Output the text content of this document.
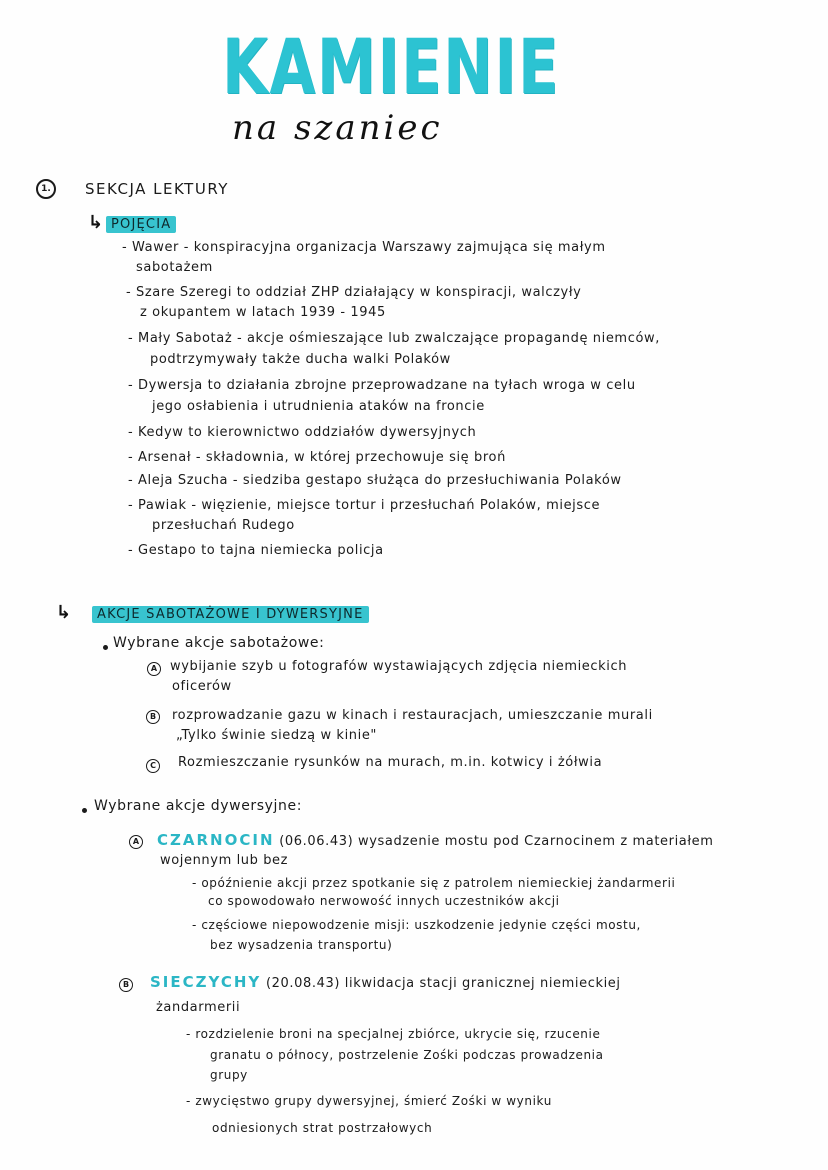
KAMIENIE
na szaniec
1.	SEKCJA LEKTURY
↳ POJĘCIA
- Wawer - konspiracyjna organizacja Warszawy zajmująca się małym
sabotażem
- Szare Szeregi to oddział ZHP działający w konspiracji, walczyły
z okupantem w latach 1939 - 1945
- Mały Sabotaż - akcje ośmieszające lub zwalczające propagandę niemców,
podtrzymywały także ducha walki Polaków
- Dywersja to działania zbrojne przeprowadzane na tyłach wroga w celu
jego osłabienia i utrudnienia ataków na froncie
- Kedyw to kierownictwo oddziałów dywersyjnych
- Arsenał - składownia, w której przechowuje się broń
- Aleja Szucha - siedziba gestapo służąca do przesłuchiwania Polaków
- Pawiak - więzienie, miejsce tortur i przesłuchań Polaków, miejsce
przesłuchań Rudego
- Gestapo to tajna niemiecka policja
↳	AKCJE SABOTAŻOWE I DYWERSYJNE
Wybrane akcje sabotażowe:
A wybijanie szyb u fotografów wystawiających zdjęcia niemieckich
oficerów
B	rozprowadzanie gazu w kinach i restauracjach, umieszczanie murali
„Tylko świnie siedzą w kinie"
C	Rozmieszczanie rysunków na murach, m.in. kotwicy i żółwia
Wybrane akcje dywersyjne:
A CZARNOCIN (06.06.43) wysadzenie mostu pod Czarnocinem z materiałem
wojennym lub bez
- opóźnienie akcji przez spotkanie się z patrolem niemieckiej żandarmerii
co spowodowało nerwowość innych uczestników akcji
- częściowe niepowodzenie misji: uszkodzenie jedynie części mostu,
bez wysadzenia transportu)
B SIECZYCHY (20.08.43) likwidacja stacji granicznej niemieckiej
żandarmerii
- rozdzielenie broni na specjalnej zbiórce, ukrycie się, rzucenie
granatu o północy, postrzelenie Zośki podczas prowadzenia
grupy
- zwycięstwo grupy dywersyjnej, śmierć Zośki w wyniku
odniesionych strat postrzałowych
